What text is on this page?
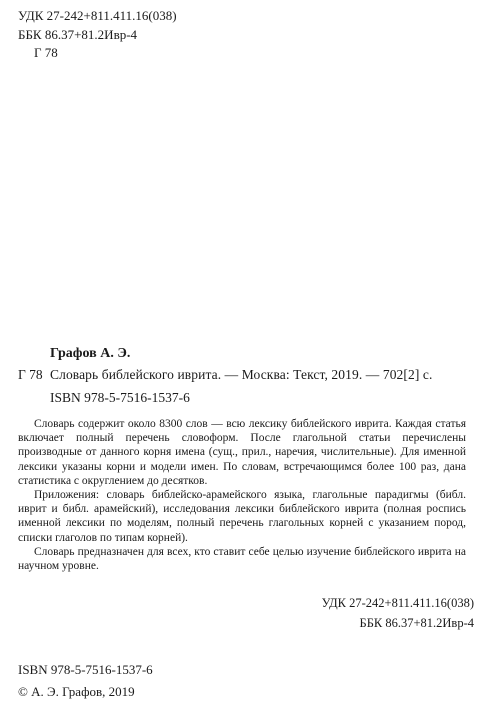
УДК 27-242+811.411.16(038)
ББК 86.37+81.2Ивр-4
Г 78
Графов А. Э.
Г 78 Словарь библейского иврита. — Москва: Текст, 2019. — 702[2] с.
ISBN 978-5-7516-1537-6

Словарь содержит около 8300 слов — всю лексику библейского иврита. Каждая статья включает полный перечень словоформ. После глагольной статьи перечислены производные от данного корня имена (сущ., прил., наречия, числительные). Для именной лексики указаны корни и модели имен. По словам, встречающимся более 100 раз, дана статистика с округлением до десятков.

Приложения: словарь библейско-арамейского языка, глагольные парадигмы (библ. иврит и библ. арамейский), исследования лексики библейского иврита (полная роспись именной лексики по моделям, полный перечень глагольных корней с указанием пород, списки глаголов по типам корней).

Словарь предназначен для всех, кто ставит себе целью изучение библейского иврита на научном уровне.

УДК 27-242+811.411.16(038)
ББК 86.37+81.2Ивр-4
ISBN 978-5-7516-1537-6
© А. Э. Графов, 2019
